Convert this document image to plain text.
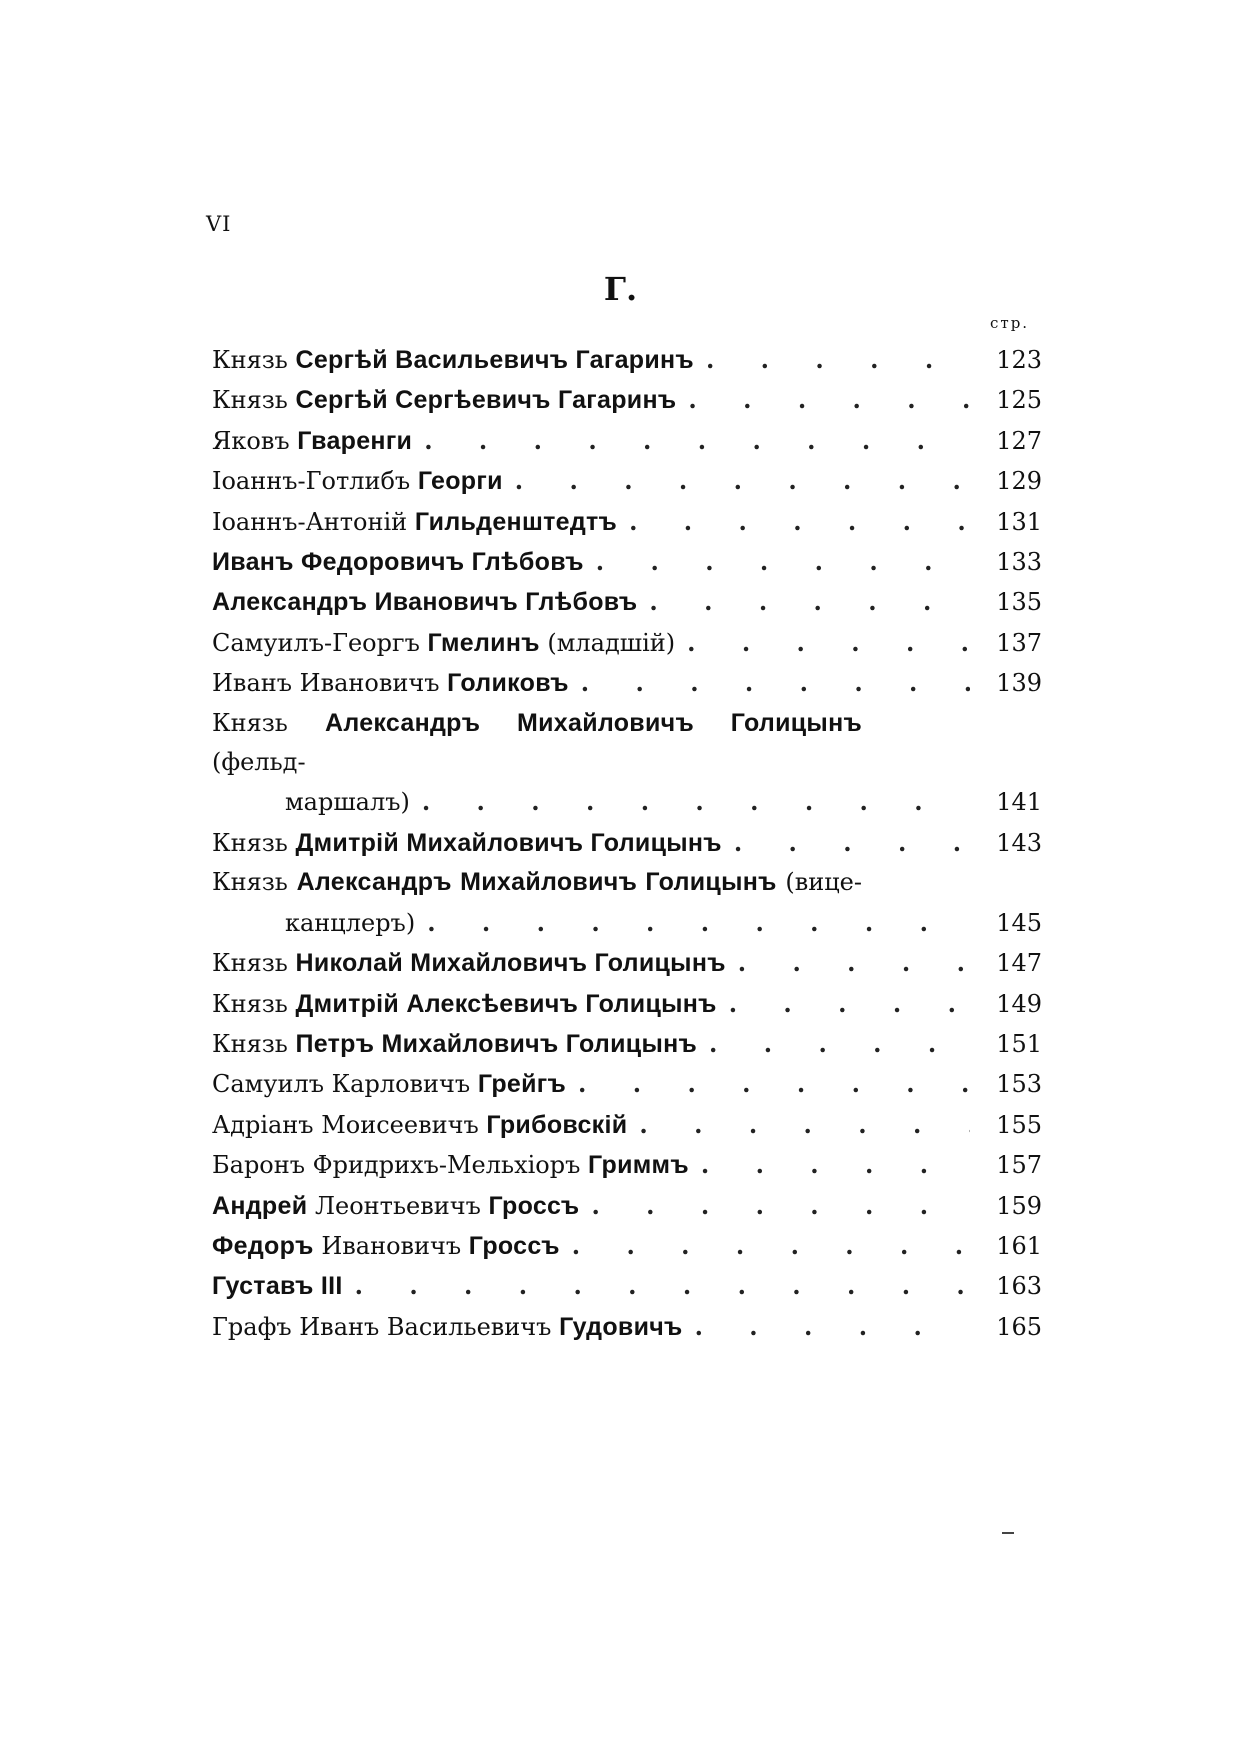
VI
Г.
стр.
Князь Сергѣй Васильевичъ Гагаринъ . . .	123
Князь Сергѣй Сергѣевичъ Гагаринъ . . .	125
Яковъ Гваренги . . .	127
Іоаннъ-Готлибъ Георги . . .	129
Іоаннъ-Антоній Гильденштедтъ . . .	131
Иванъ Федоровичъ Глѣбовъ . . .	133
Александръ Ивановичъ Глѣбовъ . . .	135
Самуилъ-Георгъ Гмелинъ (младшій) . . .	137
Иванъ Ивановичъ Голиковъ . . .	139
Князь Александръ Михайловичъ Голицынъ (фельд-
маршалъ) . . .	141
Князь Дмитрій Михайловичъ Голицынъ . . .	143
Князь Александръ Михайловичъ Голицынъ (вице-
канцлеръ) . . .	145
Князь Николай Михайловичъ Голицынъ . . .	147
Князь Дмитрій Алексѣевичъ Голицынъ . . .	149
Князь Петръ Михайловичъ Голицынъ . . .	151
Самуилъ Карловичъ Грейгъ . . .	153
Адріанъ Моисеевичъ Грибовскій . . .	155
Баронъ Фридрихъ-Мельхіоръ Гриммъ . . .	157
Андрей Леонтьевичъ Гроссъ . . .	159
Федоръ Ивановичъ Гроссъ . . .	161
Густавъ III . . .	163
Графъ Иванъ Васильевичъ Гудовичъ . . .	165
